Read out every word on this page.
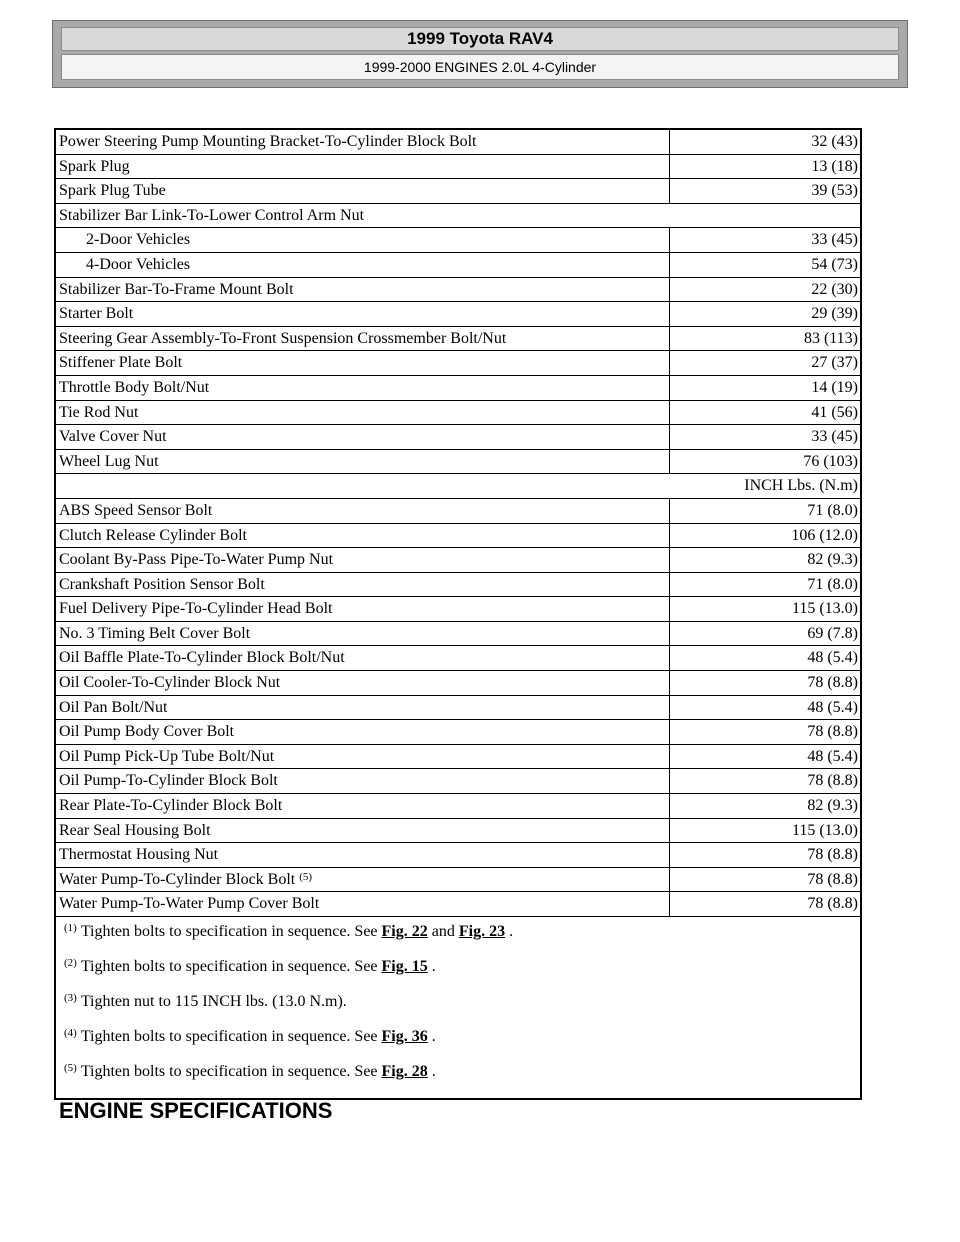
1999 Toyota RAV4
1999-2000 ENGINES 2.0L 4-Cylinder
Power Steering Pump Mounting Bracket-To-Cylinder Block Bolt	32 (43)
Spark Plug	13 (18)
Spark Plug Tube	39 (53)
Stabilizer Bar Link-To-Lower Control Arm Nut
2-Door Vehicles	33 (45)
4-Door Vehicles	54 (73)
Stabilizer Bar-To-Frame Mount Bolt	22 (30)
Starter Bolt	29 (39)
Steering Gear Assembly-To-Front Suspension Crossmember Bolt/Nut	83 (113)
Stiffener Plate Bolt	27 (37)
Throttle Body Bolt/Nut	14 (19)
Tie Rod Nut	41 (56)
Valve Cover Nut	33 (45)
Wheel Lug Nut	76 (103)
INCH Lbs. (N.m)
ABS Speed Sensor Bolt	71 (8.0)
Clutch Release Cylinder Bolt	106 (12.0)
Coolant By-Pass Pipe-To-Water Pump Nut	82 (9.3)
Crankshaft Position Sensor Bolt	71 (8.0)
Fuel Delivery Pipe-To-Cylinder Head Bolt	115 (13.0)
No. 3 Timing Belt Cover Bolt	69 (7.8)
Oil Baffle Plate-To-Cylinder Block Bolt/Nut	48 (5.4)
Oil Cooler-To-Cylinder Block Nut	78 (8.8)
Oil Pan Bolt/Nut	48 (5.4)
Oil Pump Body Cover Bolt	78 (8.8)
Oil Pump Pick-Up Tube Bolt/Nut	48 (5.4)
Oil Pump-To-Cylinder Block Bolt	78 (8.8)
Rear Plate-To-Cylinder Block Bolt	82 (9.3)
Rear Seal Housing Bolt	115 (13.0)
Thermostat Housing Nut	78 (8.8)
Water Pump-To-Cylinder Block Bolt $^{(5)}$	78 (8.8)
Water Pump-To-Water Pump Cover Bolt	78 (8.8)
$^{(1)}$ Tighten bolts to specification in sequence. See Fig. 22 and Fig. 23 .
$^{(2)}$ Tighten bolts to specification in sequence. See Fig. 15 .
$^{(3)}$ Tighten nut to 115 INCH lbs. (13.0 N.m).
$^{(4)}$ Tighten bolts to specification in sequence. See Fig. 36 .
$^{(5)}$ Tighten bolts to specification in sequence. See Fig. 28 .
ENGINE SPECIFICATIONS
